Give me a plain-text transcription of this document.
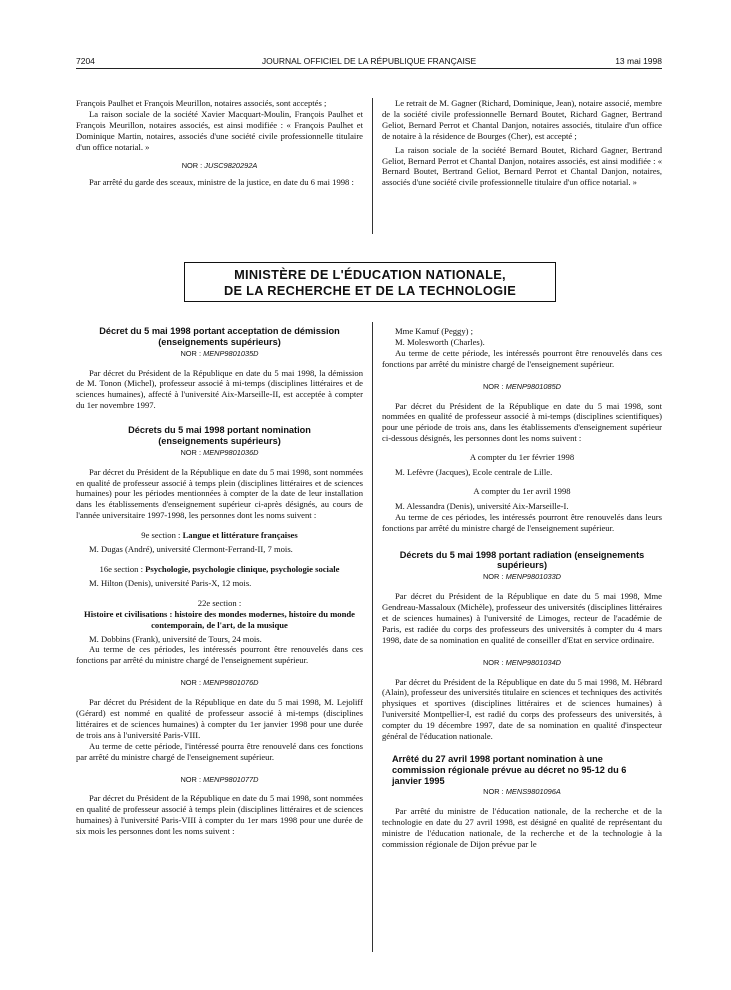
7204	JOURNAL OFFICIEL DE LA RÉPUBLIQUE FRANÇAISE	13 mai 1998

François Paulhet et François Meurillon, notaires associés, sont acceptés ;

La raison sociale de la société Xavier Macquart-Moulin, François Paulhet et François Meurillon, notaires associés, est ainsi modifiée : « François Paulhet et Dominique Martin, notaires, associés d'une société civile professionnelle titulaire d'un office notarial. »

NOR : JUSC9820292A

Par arrêté du garde des sceaux, ministre de la justice, en date du 6 mai 1998 :

Le retrait de M. Gagner (Richard, Dominique, Jean), notaire associé, membre de la société civile professionnelle Bernard Boutet, Richard Gagner, Bertrand Geliot, Bernard Perrot et Chantal Danjon, notaires associés, titulaire d'un office de notaire à la résidence de Bourges (Cher), est accepté ;

La raison sociale de la société Bernard Boutet, Richard Gagner, Bertrand Geliot, Bernard Perrot et Chantal Danjon, notaires associés, est ainsi modifiée : « Bernard Boutet, Bertrand Geliot, Bernard Perrot et Chantal Danjon, notaires, associés d'une société civile professionnelle titulaire d'un office notarial. »

MINISTÈRE DE L'ÉDUCATION NATIONALE,
DE LA RECHERCHE ET DE LA TECHNOLOGIE

Décret du 5 mai 1998 portant acceptation de démission (enseignements supérieurs)

NOR : MENP9801035D

Par décret du Président de la République en date du 5 mai 1998, la démission de M. Tonon (Michel), professeur associé à mi-temps (disciplines littéraires et de sciences humaines), affecté à l'université Aix-Marseille-II, est acceptée à compter du 1er novembre 1997.

Décrets du 5 mai 1998 portant nomination (enseignements supérieurs)

NOR : MENP9801036D

Par décret du Président de la République en date du 5 mai 1998, sont nommées en qualité de professeur associé à temps plein (disciplines littéraires et de sciences humaines) pour les périodes mentionnées à compter de la date de leur installation dans les établissements d'enseignement supérieur ci-après désignés, au cours de l'année universitaire 1997-1998, les personnes dont les noms suivent :

9e section : Langue et littérature françaises

M. Dugas (André), université Clermont-Ferrand-II, 7 mois.

16e section : Psychologie, psychologie clinique, psychologie sociale

M. Hilton (Denis), université Paris-X, 12 mois.

22e section :

Histoire et civilisations : histoire des mondes modernes, histoire du monde contemporain, de l'art, de la musique

M. Dobbins (Frank), université de Tours, 24 mois.

Au terme de ces périodes, les intéressés pourront être renouvelés dans ces fonctions par arrêté du ministre chargé de l'enseignement supérieur.

NOR : MENP9801076D

Par décret du Président de la République en date du 5 mai 1998, M. Lejoliff (Gérard) est nommé en qualité de professeur associé à mi-temps (disciplines littéraires et de sciences humaines) à compter du 1er janvier 1998 pour une durée de trois ans à l'université Paris-VIII.

Au terme de cette période, l'intéressé pourra être renouvelé dans ces fonctions par arrêté du ministre chargé de l'enseignement supérieur.

NOR : MENP9801077D

Par décret du Président de la République en date du 5 mai 1998, sont nommées en qualité de professeur associé à temps plein (disciplines littéraires et de sciences humaines) à l'université Paris-VIII à compter du 1er mars 1998 pour une durée de six mois les personnes dont les noms suivent :

Mme Kamuf (Peggy) ;

M. Molesworth (Charles).

Au terme de cette période, les intéressés pourront être renouvelés dans ces fonctions par arrêté du ministre chargé de l'enseignement supérieur.

NOR : MENP9801085D

Par décret du Président de la République en date du 5 mai 1998, sont nommées en qualité de professeur associé à mi-temps (disciplines scientifiques) pour une période de trois ans, dans les établissements d'enseignement supérieur ci-dessous désignés, les personnes dont les noms suivent :

A compter du 1er février 1998

M. Lefèvre (Jacques), Ecole centrale de Lille.

A compter du 1er avril 1998

M. Alessandra (Denis), université Aix-Marseille-I.

Au terme de ces périodes, les intéressés pourront être renouvelés dans leurs fonctions par arrêté du ministre chargé de l'enseignement supérieur.

Décrets du 5 mai 1998 portant radiation (enseignements supérieurs)

NOR : MENP9801033D

Par décret du Président de la République en date du 5 mai 1998, Mme Gendreau-Massaloux (Michèle), professeur des universités (disciplines littéraires et de sciences humaines) à l'université de Limoges, recteur de l'académie de Paris, est radiée du corps des professeurs des universités à compter du 4 mars 1998, date de sa nomination en qualité de conseiller d'Etat en service ordinaire.

NOR : MENP9801034D

Par décret du Président de la République en date du 5 mai 1998, M. Hébrard (Alain), professeur des universités titulaire en sciences et techniques des activités physiques et sportives (disciplines littéraires et de sciences humaines) à l'université Montpellier-I, est radié du corps des professeurs des universités, à compter du 19 décembre 1997, date de sa nomination en qualité d'inspecteur général de l'éducation nationale.

Arrêté du 27 avril 1998 portant nomination à une commission régionale prévue au décret no 95-12 du 6 janvier 1995

NOR : MENS9801096A

Par arrêté du ministre de l'éducation nationale, de la recherche et de la technologie en date du 27 avril 1998, est désigné en qualité de représentant du ministre de l'éducation nationale, de la recherche et de la technologie à la commission régionale de Dijon prévue par le
